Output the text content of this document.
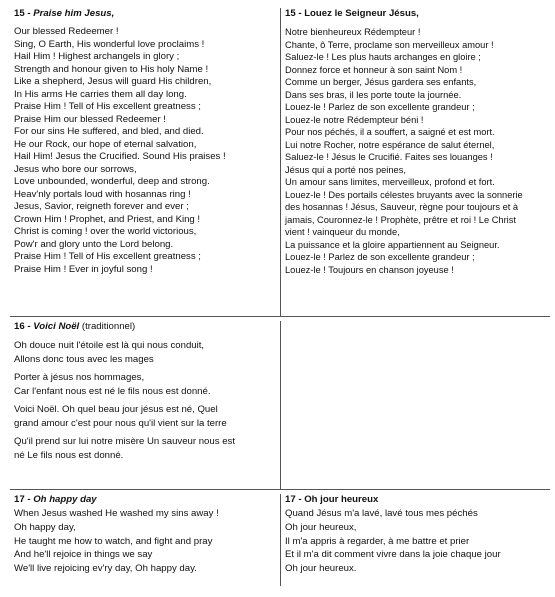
15 - Praise him Jesus,
Our blessed Redeemer !
Sing, O Earth, His wonderful love proclaims !
Hail Him ! Highest archangels in glory ;
Strength and honour given to His holy Name !
Like a shepherd, Jesus will guard His children,
In His arms He carries them all day long.
Praise Him ! Tell of His excellent greatness ;
Praise Him our blessed Redeemer !
For our sins He suffered, and bled, and died.
He our Rock, our hope of eternal salvation,
Hail Him! Jesus the Crucified. Sound His praises !
Jesus who bore our sorrows,
Love unbounded, wonderful, deep and strong.
Heav'nly portals loud with hosannas ring !
Jesus, Savior, reigneth forever and ever ;
Crown Him ! Prophet, and Priest, and King !
Christ is coming ! over the world victorious,
Pow'r and glory unto the Lord belong.
Praise Him ! Tell of His excellent greatness ;
Praise Him ! Ever in joyful song !
15 - Louez le Seigneur Jésus,
Notre bienheureux Rédempteur !
Chante, ô Terre, proclame son merveilleux amour !
Saluez-le ! Les plus hauts archanges en gloire ;
Donnez force et honneur à son saint Nom !
Comme un berger, Jésus gardera ses enfants,
Dans ses bras, il les porte toute la journée.
Louez-le ! Parlez de son excellente grandeur ;
Louez-le notre Rédempteur béni !
Pour nos péchés, il a souffert, a saigné et est mort.
Lui notre Rocher, notre espérance de salut éternel,
Saluez-le ! Jésus le Crucifié. Faites ses louanges !
Jésus qui a porté nos peines,
Un amour sans limites, merveilleux, profond et fort.
Louez-le ! Des portails célestes bruyants avec la sonnerie
des hosannas ! Jésus, Sauveur, règne pour toujours et à
jamais, Couronnez-le ! Prophète, prêtre et roi ! Le Christ
vient ! vainqueur du monde,
La puissance et la gloire appartiennent au Seigneur.
Louez-le ! Parlez de son excellente grandeur ;
Louez-le ! Toujours en chanson joyeuse !
16 - Voici Noël (traditionnel)
Oh douce nuit l'étoile est là qui nous conduit,
Allons donc tous avec les mages
Porter à jésus nos hommages,
Car l'enfant nous est né le fils nous est donné.
Voici Noël. Oh quel beau jour jésus est né, Quel
grand amour c'est pour nous qu'il vient sur la terre
Qu'il prend sur lui notre misère Un sauveur nous est
né Le fils nous est donné.
17 - Oh happy day
When Jesus washed He washed my sins away !
Oh happy day,
He taught me how to watch, and fight and pray
And he'll rejoice in things we say
We'll live rejoicing ev'ry day, Oh happy day.
17 - Oh jour heureux
Quand Jésus m'a lavé, lavé tous mes péchés
Oh jour heureux,
Il m'a appris à regarder, à me battre et prier
Et il m'a dit comment vivre dans la joie chaque jour
Oh jour heureux.
